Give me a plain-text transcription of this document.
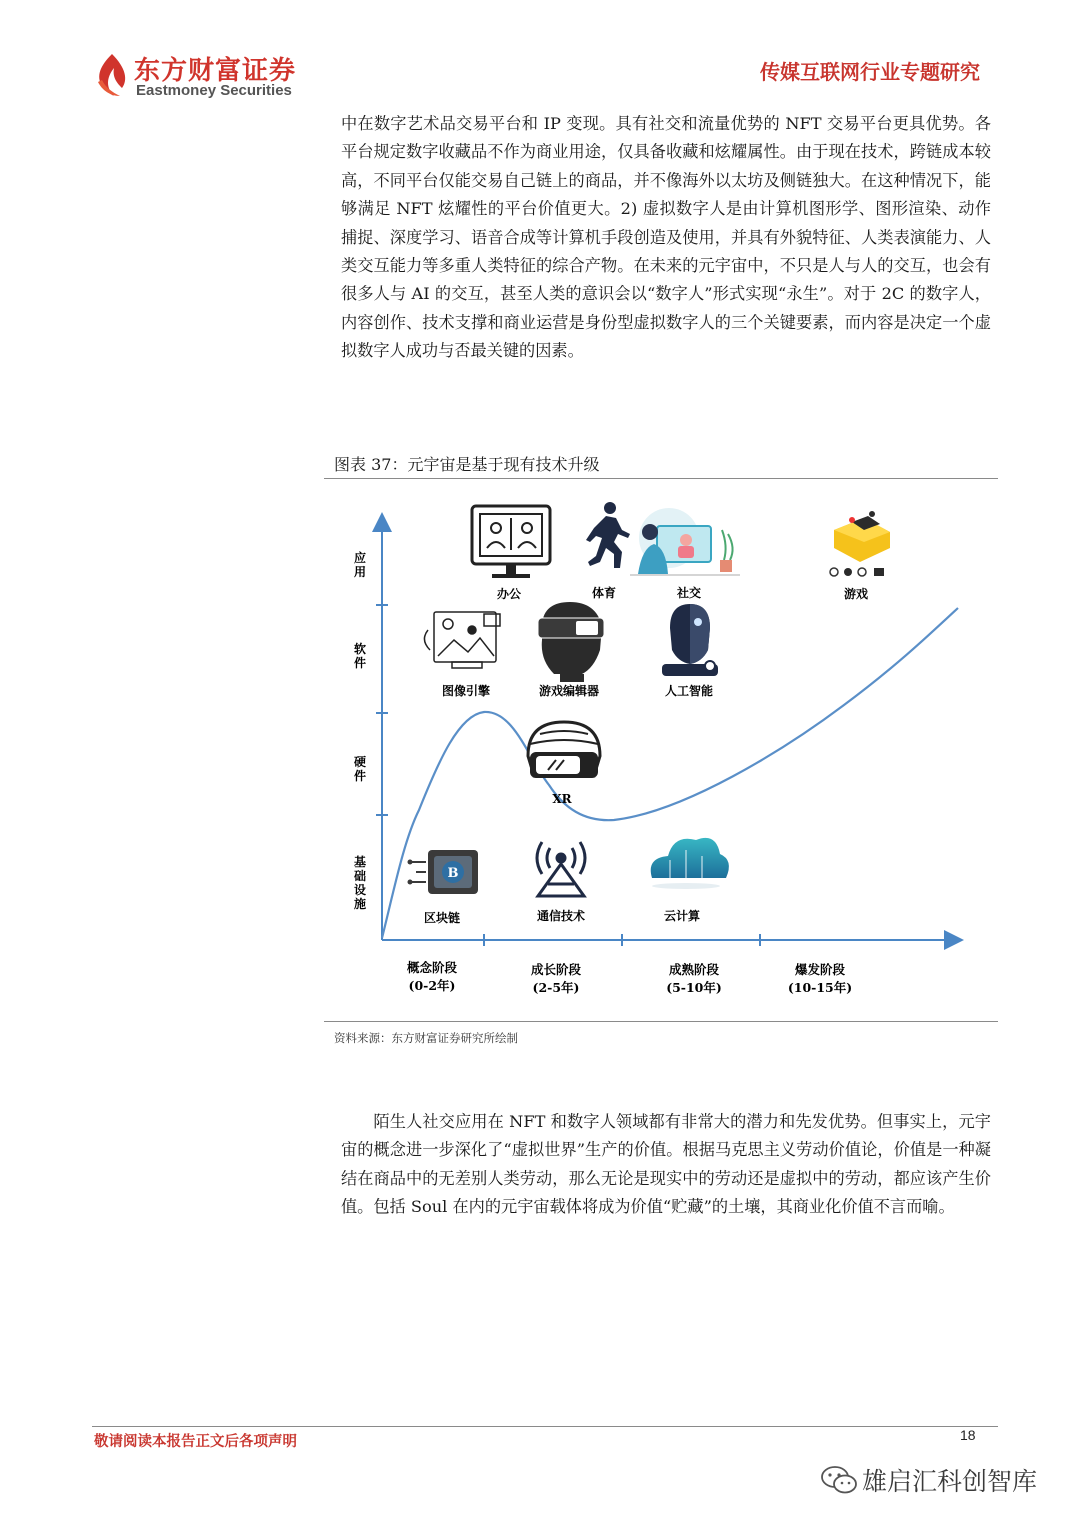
东方财富证券
Eastmoney Securities
传媒互联网行业专题研究
中在数字艺术品交易平台和 IP 变现。具有社交和流量优势的 NFT 交易平台更具优势。各平台规定数字收藏品不作为商业用途，仅具备收藏和炫耀属性。由于现在技术，跨链成本较高，不同平台仅能交易自己链上的商品，并不像海外以太坊及侧链独大。在这种情况下，能够满足 NFT 炫耀性的平台价值更大。2) 虚拟数字人是由计算机图形学、图形渲染、动作捕捉、深度学习、语音合成等计算机手段创造及使用，并具有外貌特征、人类表演能力、人类交互能力等多重人类特征的综合产物。在未来的元宇宙中，不只是人与人的交互，也会有很多人与 AI 的交互，甚至人类的意识会以“数字人”形式实现“永生”。对于 2C 的数字人，内容创作、技术支撑和商业运营是身份型虚拟数字人的三个关键要素，而内容是决定一个虚拟数字人成功与否最关键的因素。
图表 37：元宇宙是基于现有技术升级
应用
软件
硬件
基础设施
办公	体育	社交	游戏
图像引擎	游戏编辑器	人工智能
XR
B
区块链	通信技术	云计算
概念阶段
(0-2年)
成长阶段
(2-5年)
成熟阶段
(5-10年)
爆发阶段
(10-15年)
资料来源：东方财富证券研究所绘制
陌生人社交应用在 NFT 和数字人领域都有非常大的潜力和先发优势。但事实上，元宇宙的概念进一步深化了“虚拟世界”生产的价值。根据马克思主义劳动价值论，价值是一种凝结在商品中的无差别人类劳动，那么无论是现实中的劳动还是虚拟中的劳动，都应该产生价值。包括 Soul 在内的元宇宙载体将成为价值“贮藏”的土壤，其商业化价值不言而喻。
敬请阅读本报告正文后各项声明	18
雄启汇科创智库
